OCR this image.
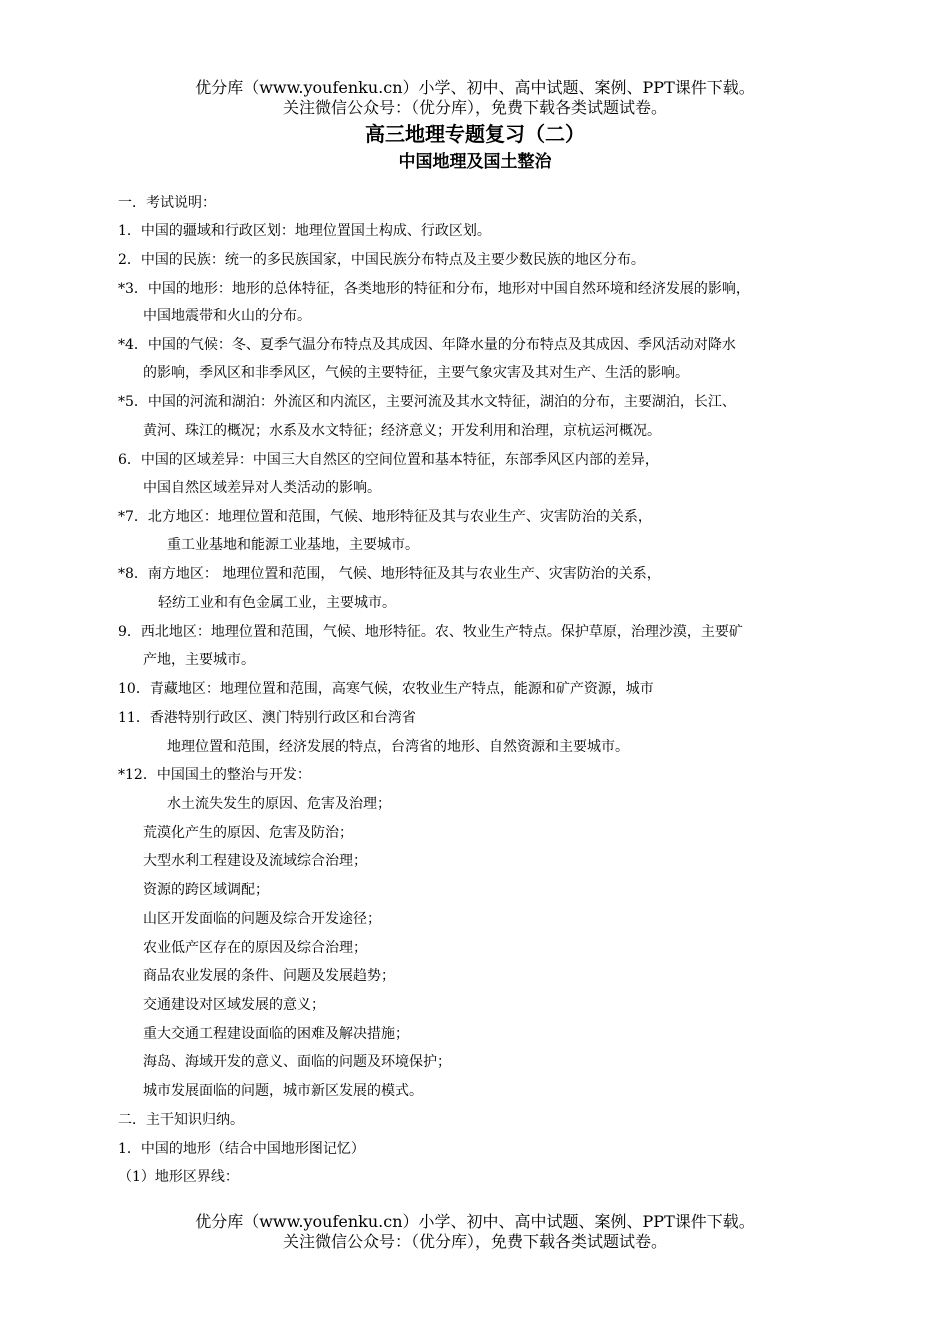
优分库（www.youfenku.cn）小学、初中、高中试题、案例、PPT课件下载。
关注微信公众号：（优分库），免费下载各类试题试卷。
高三地理专题复习（二）
中国地理及国土整治
一．考试说明：
1．中国的疆域和行政区划：地理位置国土构成、行政区划。
2．中国的民族：统一的多民族国家，中国民族分布特点及主要少数民族的地区分布。
*3．中国的地形：地形的总体特征，各类地形的特征和分布，地形对中国自然环境和经济发展的影响，
中国地震带和火山的分布。
*4．中国的气候：冬、夏季气温分布特点及其成因、年降水量的分布特点及其成因、季风活动对降水
的影响，季风区和非季风区，气候的主要特征，主要气象灾害及其对生产、生活的影响。
*5．中国的河流和湖泊：外流区和内流区，主要河流及其水文特征，湖泊的分布，主要湖泊，长江、
黄河、珠江的概况；水系及水文特征；经济意义；开发利用和治理，京杭运河概况。
6．中国的区域差异：中国三大自然区的空间位置和基本特征，东部季风区内部的差异，
中国自然区域差异对人类活动的影响。
*7．北方地区：地理位置和范围，气候、地形特征及其与农业生产、灾害防治的关系，
重工业基地和能源工业基地，主要城市。
*8．南方地区： 地理位置和范围， 气候、地形特征及其与农业生产、灾害防治的关系，
轻纺工业和有色金属工业，主要城市。
9．西北地区：地理位置和范围，气候、地形特征。农、牧业生产特点。保护草原，治理沙漠，主要矿
产地，主要城市。
10．青藏地区：地理位置和范围，高寒气候，农牧业生产特点，能源和矿产资源，城市
11．香港特别行政区、澳门特别行政区和台湾省
地理位置和范围，经济发展的特点，台湾省的地形、自然资源和主要城市。
*12．中国国土的整治与开发：
水土流失发生的原因、危害及治理；
荒漠化产生的原因、危害及防治；
大型水利工程建设及流域综合治理；
资源的跨区域调配；
山区开发面临的问题及综合开发途径；
农业低产区存在的原因及综合治理；
商品农业发展的条件、问题及发展趋势；
交通建设对区域发展的意义；
重大交通工程建设面临的困难及解决措施；
海岛、海域开发的意义、面临的问题及环境保护；
城市发展面临的问题，城市新区发展的模式。
二．主干知识归纳。
1．中国的地形（结合中国地形图记忆）
（1）地形区界线：
优分库（www.youfenku.cn）小学、初中、高中试题、案例、PPT课件下载。
关注微信公众号：（优分库），免费下载各类试题试卷。
